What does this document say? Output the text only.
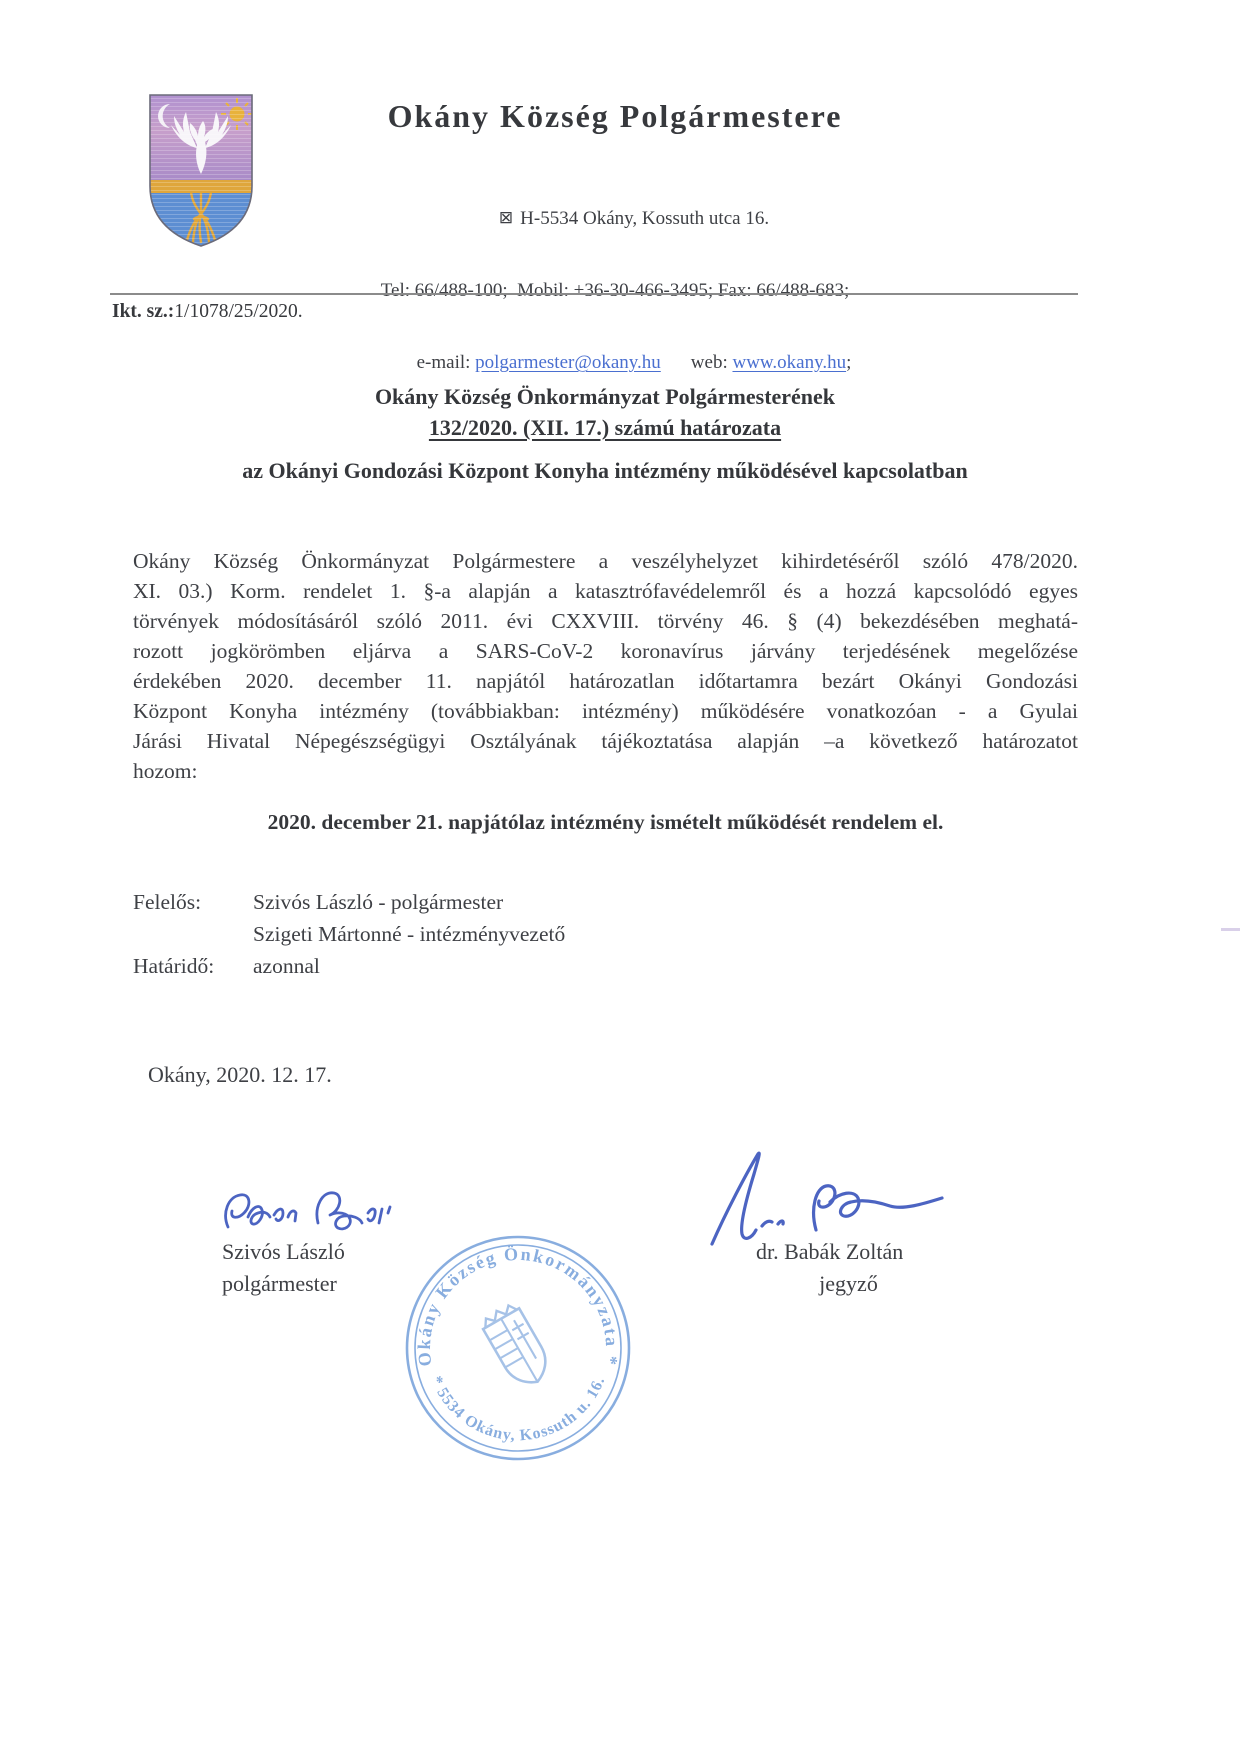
Okány Község Polgármestere

⊠ H-5534 Okány, Kossuth utca 16.

Tel: 66/488-100;  Mobil: +36-30-466-3495; Fax: 66/488-683;

e-mail: polgarmester@okany.hu web: www.okany.hu;

Ikt. sz.:1/1078/25/2020.
Okány Község Önkormányzat Polgármesterének
132/2020. (XII. 17.) számú határozata
az Okányi Gondozási Központ Konyha intézmény működésével kapcsolatban
Okány Község Önkormányzat Polgármestere a veszélyhelyzet kihirdetéséről szóló 478/2020.
XI. 03.) Korm. rendelet 1. §-a alapján a katasztrófavédelemről és a hozzá kapcsolódó egyes
törvények módosításáról szóló 2011. évi CXXVIII. törvény 46. § (4) bekezdésében meghatá-
rozott jogkörömben eljárva a SARS-CoV-2 koronavírus járvány terjedésének megelőzése
érdekében 2020. december 11. napjától határozatlan időtartamra bezárt Okányi Gondozási
Központ Konyha intézmény (továbbiakban: intézmény) működésére vonatkozóan - a Gyulai
Járási Hivatal Népegészségügyi Osztályának tájékoztatása alapján –a következő határozatot
hozom:
2020. december 21. napjátólaz intézmény ismételt működését rendelem el.
Felelős: Szivós László - polgármester
Szigeti Mártonné - intézményvezető
Határidő: azonnal
Okány, 2020. 12. 17.
Szivós László
polgármester
dr. Babák Zoltán
jegyző
Okány Község Önkormányzata *
* 5534 Okány, Kossuth u. 16.
